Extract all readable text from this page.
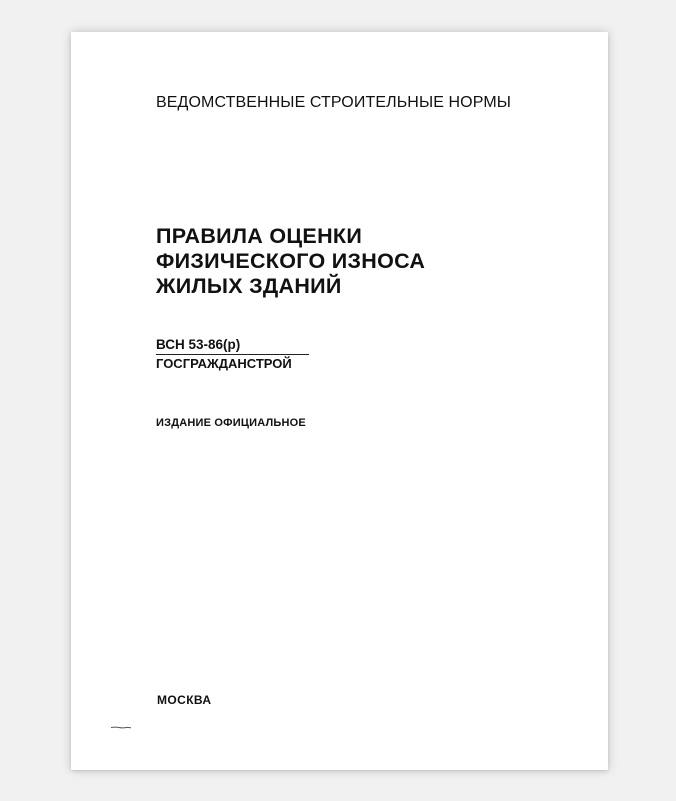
ВЕДОМСТВЕННЫЕ СТРОИТЕЛЬНЫЕ НОРМЫ
ПРАВИЛА ОЦЕНКИ
ФИЗИЧЕСКОГО ИЗНОСА
ЖИЛЫХ ЗДАНИЙ
ВСН 53-86(р)
ГОСГРАЖДАНСТРОЙ
ИЗДАНИЕ ОФИЦИАЛЬНОЕ
МОСКВА
